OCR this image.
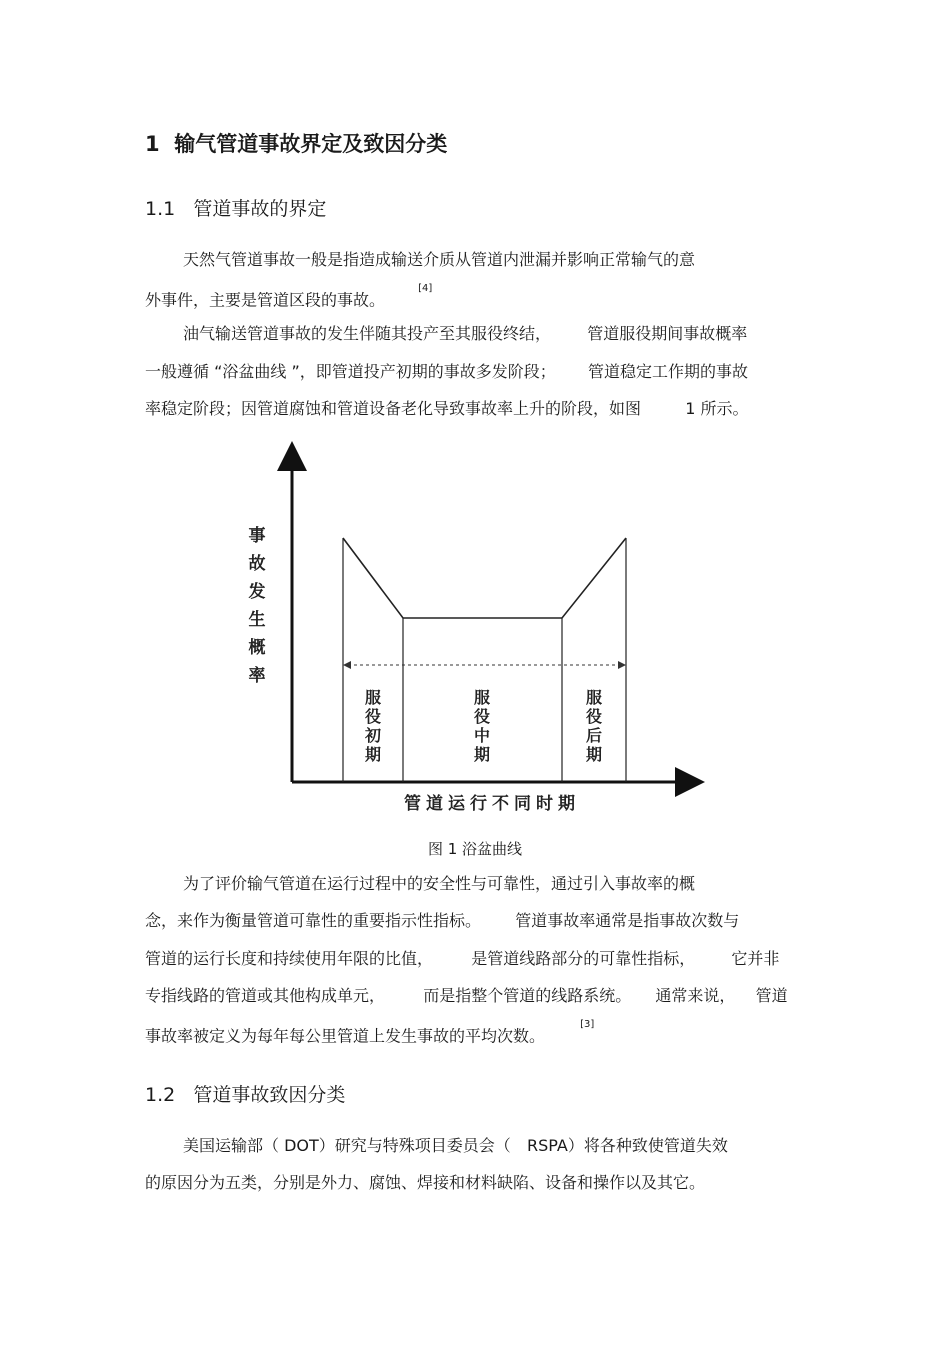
1 输气管道事故界定及致因分类
1.1 管道事故的界定
天然气管道事故一般是指造成输送介质从管道内泄漏并影响正常输气的意
外事件，主要是管道区段的事故。 [4]
油气输送管道事故的发生伴随其投产至其服役终结， 管道服役期间事故概率
一般遵循 “浴盆曲线 ”，即管道投产初期的事故多发阶段； 管道稳定工作期的事故
率稳定阶段；因管道腐蚀和管道设备老化导致事故率上升的阶段，如图	1 所示。
事
故
发
生
概
率
服
役
初
期
服
役
中
期
服
役
后
期
管道运行不同时期
图 1 浴盆曲线
为了评价输气管道在运行过程中的安全性与可靠性，通过引入事故率的概
念，来作为衡量管道可靠性的重要指示性指标。 管道事故率通常是指事故次数与
管道的运行长度和持续使用年限的比值， 是管道线路部分的可靠性指标， 它并非
专指线路的管道或其他构成单元， 而是指整个管道的线路系统。 通常来说， 管道
事故率被定义为每年每公里管道上发生事故的平均次数。 [3]
1.2 管道事故致因分类
美国运输部（ DOT）研究与特殊项目委员会（ RSPA）将各种致使管道失效
的原因分为五类，分别是外力、腐蚀、焊接和材料缺陷、设备和操作以及其它。
